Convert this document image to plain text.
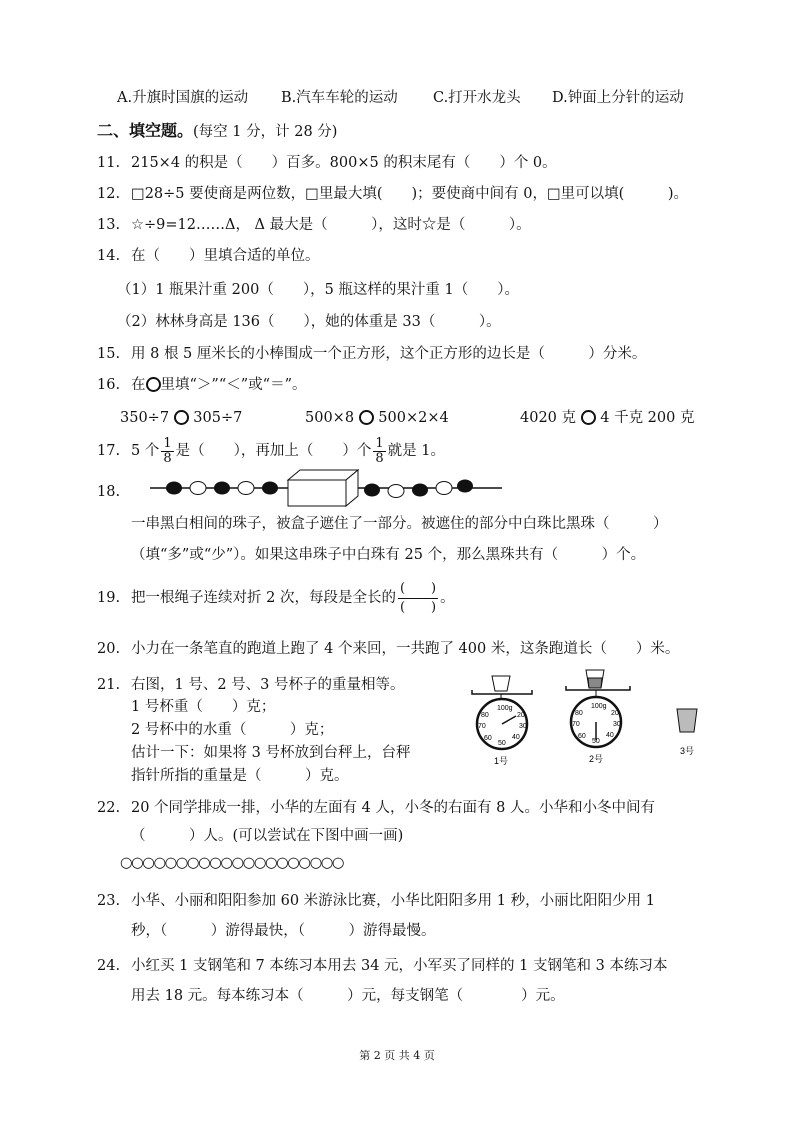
A.升旗时国旗的运动 B.汽车车轮的运动 C.打开水龙头 D.钟面上分针的运动
二、填空题。(每空 1 分，计 28 分)
11. 215×4 的积是（　　）百多。800×5 的积末尾有（　　）个 0。
12. □28÷5 要使商是两位数，□里最大填(　　)；要使商中间有 0，□里可以填(　　　)。
13. ☆÷9=12……Δ， Δ 最大是（　　　），这时☆是（　　　）。
14. 在（　　）里填合适的单位。
（1）1 瓶果汁重 200（　　），5 瓶这样的果汁重 1（　　）。
（2）林林身高是 136（　　），她的体重是 33（　　　）。
15. 用 8 根 5 厘米长的小棒围成一个正方形，这个正方形的边长是（　　　）分米。
16. 在 里填“＞”“＜”或“＝”。
350÷7 305÷7	500×8 500×2×4	4020 克 4 千克 200 克
17. 5 个 $\frac{1}{8}$ 是（　　），再加上（　　）个 $\frac{1}{8}$ 就是 1。
18.
一串黑白相间的珠子，被盒子遮住了一部分。被遮住的部分中白珠比黑珠（　　　）
（填“多”或“少”）。如果这串珠子中白珠有 25 个，那么黑珠共有（　　　）个。
19. 把一根绳子连续对折 2 次，每段是全长的 $\frac{( )}{( )}$ 。
20. 小力在一条笔直的跑道上跑了 4 个来回，一共跑了 400 米，这条跑道长（　　）米。
21. 右图，1 号、2 号、3 号杯子的重量相等。
1 号杯重（　　）克；
2 号杯中的水重（　　　）克；
估计一下：如果将 3 号杯放到台秤上，台秤
指针所指的重量是（　　　）克。
100g
20
30
40
50
60
70
80
1号
100g
20
30
40
50
60
70
80
2号
3号
22. 20 个同学排成一排，小华的左面有 4 人，小冬的右面有 8 人。小华和小冬中间有
（　　　）人。(可以尝试在下图中画一画)
○○○○○○○○○○○○○○○○○○○○
23. 小华、小丽和阳阳参加 60 米游泳比赛，小华比阳阳多用 1 秒，小丽比阳阳少用 1
秒，（　　　）游得最快，（　　　）游得最慢。
24. 小红买 1 支钢笔和 7 本练习本用去 34 元，小军买了同样的 1 支钢笔和 3 本练习本
用去 18 元。每本练习本（　　　）元，每支钢笔（　　　　）元。
第 2 页 共 4 页
